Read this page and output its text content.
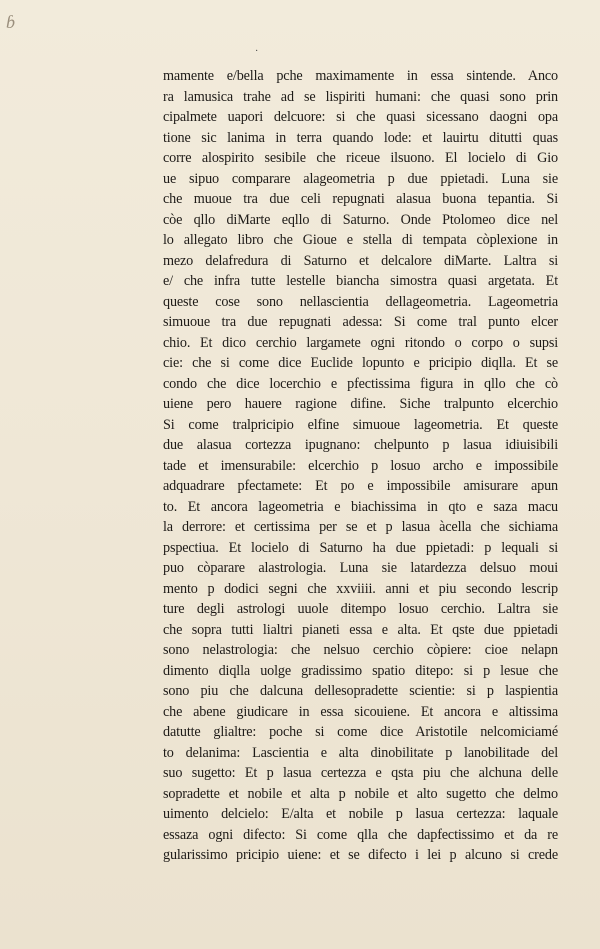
ɓ
·
mamente e/bella pche maximamente in essa sintende. Anco
ra lamusica trahe ad se lispiriti humani: che quasi sono prin
cipalmete uapori delcuore: si che quasi sicessano daogni opa
tione sic lanima in terra quando lode: et lauirtu ditutti quas
corre alospirito sesibile che riceue ilsuono. El locielo di Gio
ue sipuo comparare alageometria p due ppietadi. Luna sie
che muoue tra due celi repugnati alasua buona tepantia. Si
còe qllo diMarte eqllo di Saturno. Onde Ptolomeo dice nel
lo allegato libro che Gioue e stella di tempata còplexione in
mezo delafredura di Saturno et delcalore diMarte. Laltra si
e/ che infra tutte lestelle biancha simostra quasi argetata. Et
queste cose sono nellascientia dellageometria. Lageometria
simuoue tra due repugnati adessa: Si come tral punto elcer
chio. Et dico cerchio largamete ogni ritondo o corpo o supsi
cie: che si come dice Euclide lopunto e pricipio diqlla. Et se
condo che dice locerchio e pfectissima figura in qllo che cò
uiene pero hauere ragione difine. Siche tralpunto elcerchio
Si come tralpricipio elfine simuoue lageometria. Et queste
due alasua cortezza ipugnano: chelpunto p lasua idiuisibili
tade et imensurabile: elcerchio p losuo archo e impossibile
adquadrare pfectamete: Et po e impossibile amisurare apun
to. Et ancora lageometria e biachissima in qto e saza macu
la derrore: et certissima per se et p lasua àcella che sichiama
pspectiua. Et locielo di Saturno ha due ppietadi: p lequali si
puo còparare alastrologia. Luna sie latardezza delsuo moui
mento p dodici segni che xxviiii. anni et piu secondo lescrip
ture degli astrologi uuole ditempo losuo cerchio. Laltra sie
che sopra tutti lialtri pianeti essa e alta. Et qste due ppietadi
sono nelastrologia: che nelsuo cerchio còpiere: cioe nelapn
dimento diqlla uolge gradissimo spatio ditepo: si p lesue che
sono piu che dalcuna dellesopradette scientie: si p laspientia
che abene giudicare in essa sicouiene. Et ancora e altissima
datutte glialtre: poche si come dice Aristotile nelcomiciamé
to delanima: Lascientia e alta dinobilitate p lanobilitade del
suo sugetto: Et p lasua certezza e qsta piu che alchuna delle
sopradette et nobile et alta p nobile et alto sugetto che delmo
uimento delcielo: E/alta et nobile p lasua certezza: laquale
essaza ogni difecto: Si come qlla che dapfectissimo et da re
gularissimo pricipio uiene: et se difecto i lei p alcuno si crede
